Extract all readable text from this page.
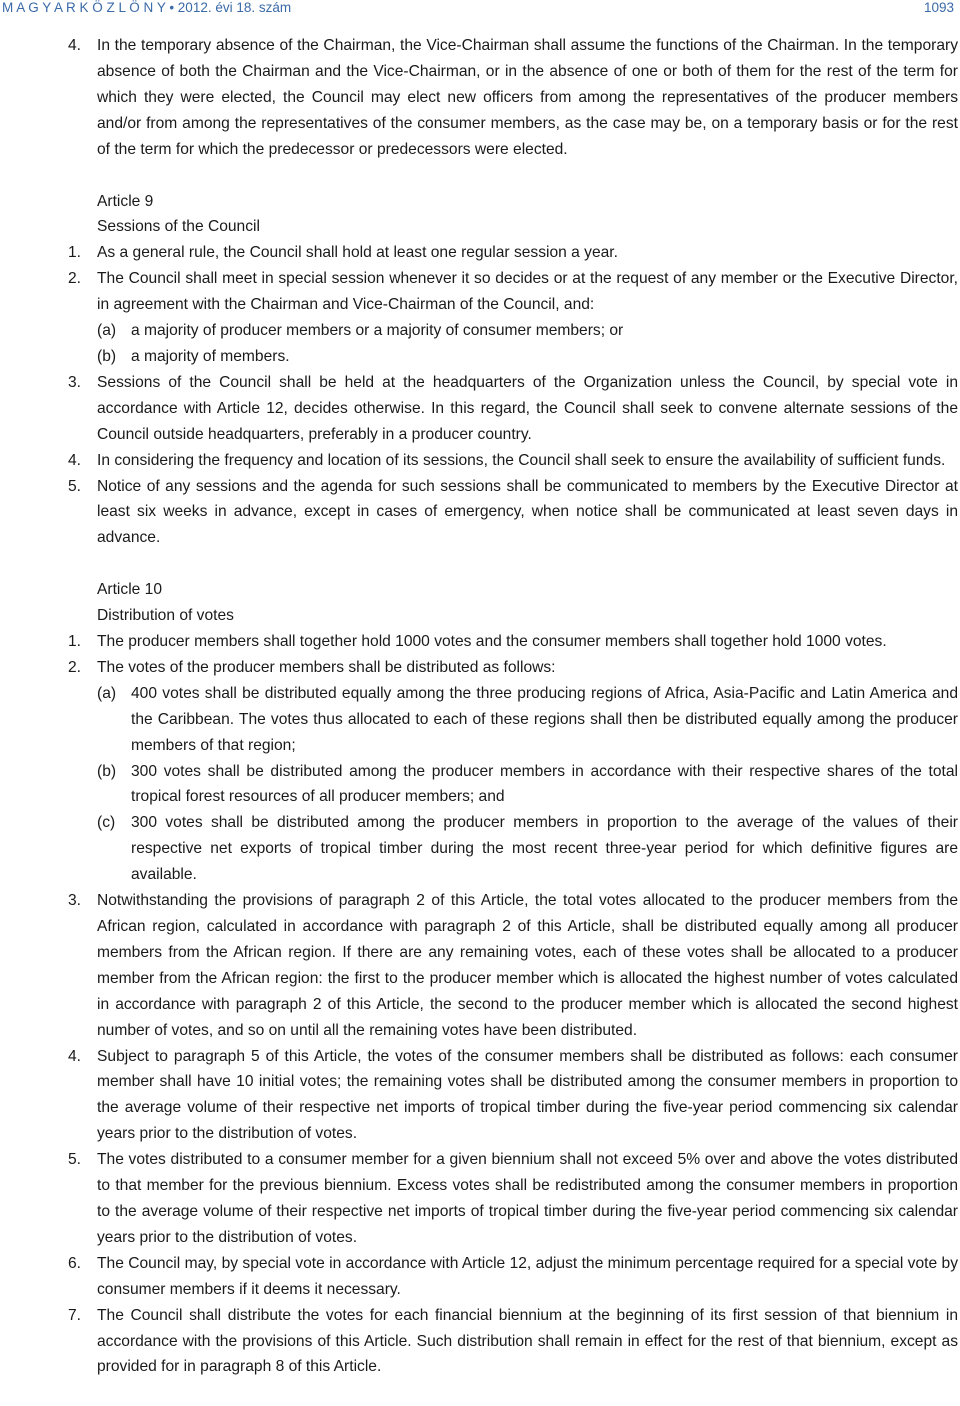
M A G Y A R K Ö Z L Ö N Y • 2012. évi 18. szám	1093
4.	In the temporary absence of the Chairman, the Vice-Chairman shall assume the functions of the Chairman. In the temporary absence of both the Chairman and the Vice-Chairman, or in the absence of one or both of them for the rest of the term for which they were elected, the Council may elect new officers from among the representatives of the producer members and/or from among the representatives of the consumer members, as the case may be, on a temporary basis or for the rest of the term for which the predecessor or predecessors were elected.
Article 9
Sessions of the Council
1.	As a general rule, the Council shall hold at least one regular session a year.
2.	The Council shall meet in special session whenever it so decides or at the request of any member or the Executive Director, in agreement with the Chairman and Vice-Chairman of the Council, and:
(a) a majority of producer members or a majority of consumer members; or
(b) a majority of members.
3.	Sessions of the Council shall be held at the headquarters of the Organization unless the Council, by special vote in accordance with Article 12, decides otherwise. In this regard, the Council shall seek to convene alternate sessions of the Council outside headquarters, preferably in a producer country.
4.	In considering the frequency and location of its sessions, the Council shall seek to ensure the availability of sufficient funds.
5.	Notice of any sessions and the agenda for such sessions shall be communicated to members by the Executive Director at least six weeks in advance, except in cases of emergency, when notice shall be communicated at least seven days in advance.
Article 10
Distribution of votes
1.	The producer members shall together hold 1000 votes and the consumer members shall together hold 1000 votes.
2.	The votes of the producer members shall be distributed as follows:
(a) 400 votes shall be distributed equally among the three producing regions of Africa, Asia-Pacific and Latin America and the Caribbean. The votes thus allocated to each of these regions shall then be distributed equally among the producer members of that region;
(b) 300 votes shall be distributed among the producer members in accordance with their respective shares of the total tropical forest resources of all producer members; and
(c) 300 votes shall be distributed among the producer members in proportion to the average of the values of their respective net exports of tropical timber during the most recent three-year period for which definitive figures are available.
3.	Notwithstanding the provisions of paragraph 2 of this Article, the total votes allocated to the producer members from the African region, calculated in accordance with paragraph 2 of this Article, shall be distributed equally among all producer members from the African region. If there are any remaining votes, each of these votes shall be allocated to a producer member from the African region: the first to the producer member which is allocated the highest number of votes calculated in accordance with paragraph 2 of this Article, the second to the producer member which is allocated the second highest number of votes, and so on until all the remaining votes have been distributed.
4.	Subject to paragraph 5 of this Article, the votes of the consumer members shall be distributed as follows: each consumer member shall have 10 initial votes; the remaining votes shall be distributed among the consumer members in proportion to the average volume of their respective net imports of tropical timber during the five-year period commencing six calendar years prior to the distribution of votes.
5.	The votes distributed to a consumer member for a given biennium shall not exceed 5% over and above the votes distributed to that member for the previous biennium. Excess votes shall be redistributed among the consumer members in proportion to the average volume of their respective net imports of tropical timber during the five-year period commencing six calendar years prior to the distribution of votes.
6.	The Council may, by special vote in accordance with Article 12, adjust the minimum percentage required for a special vote by consumer members if it deems it necessary.
7.	The Council shall distribute the votes for each financial biennium at the beginning of its first session of that biennium in accordance with the provisions of this Article. Such distribution shall remain in effect for the rest of that biennium, except as provided for in paragraph 8 of this Article.
